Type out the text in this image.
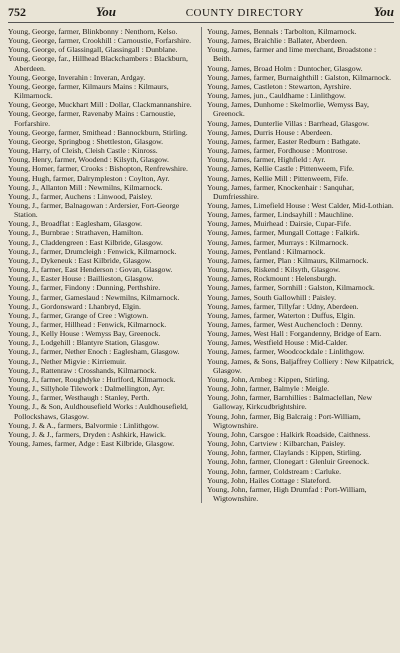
752	You	COUNTY DIRECTORY	You
Young, George, farmer, Blinkbonny : Nenthorn, Kelso.
Young, George, farmer, Crookhill : Carnoustie, Forfarshire.
Young, George, of Glassingall, Glassingall : Dunblane.
Young, George, far., Hillhead Blackchambers : Blackburn, Aberdeen.
Young, George, Inverahin : Inveran, Ardgay.
Young, George, farmer, Kilmaurs Mains : Kilmaurs, Kilmarnock.
Young, George, Muckhart Mill : Dollar, Clackmannanshire.
Young, George, farmer, Ravenaby Mains : Carnoustie, Forfarshire.
Young, George, farmer, Smithead : Bannockburn, Stirling.
Young, George, Springbog : Shettleston, Glasgow.
Young, Harry, of Cleish, Cleish Castle : Kinross.
Young, Henry, farmer, Woodend : Kilsyth, Glasgow.
Young, Homer, farmer, Crooks : Bishopton, Renfrewshire.
Young, Hugh, farmer, Dalrympleston : Coylton, Ayr.
Young, J., Allanton Mill : Newmilns, Kilmarnock.
Young, J., farmer, Auchens : Linwood, Paisley.
Young, J., farmer, Balnagowan : Ardersier, Fort-George Station.
Young, J., Broadflat : Eaglesham, Glasgow.
Young, J., Burnbrae : Strathaven, Hamilton.
Young, J., Claddengreen : East Kilbride, Glasgow.
Young, J., farmer, Drumcleigh : Fenwick, Kilmarnock.
Young, J., Dykeneuk : East Kilbride, Glasgow.
Young, J., farmer, East Henderson : Govan, Glasgow.
Young, J., Easter House : Baillieston, Glasgow.
Young, J., farmer, Findony : Dunning, Perthshire.
Young, J., farmer, Gameslaud : Newmilns, Kilmarnock.
Young, J., Gordonsward : Lhanbryd, Elgin.
Young, J., farmer, Grange of Cree : Wigtown.
Young, J., farmer, Hillhead : Fenwick, Kilmarnock.
Young, J., Kelly House : Wemyss Bay, Greenock.
Young, J., Lodgehill : Blantyre Station, Glasgow.
Young, J., farmer, Nether Enoch : Eaglesham, Glasgow.
Young, J., Nether Migvie : Kirriemuir.
Young, J., Rattenraw : Crosshands, Kilmarnock.
Young, J., farmer, Roughdyke : Hurlford, Kilmarnock.
Young, J., Sillyhole Tilework : Dalmellington, Ayr.
Young, J., farmer, Westhaugh : Stanley, Perth.
Young, J., & Son, Auldhousefield Works : Auldhousefield, Pollockshaws, Glasgow.
Young, J. & A., farmers, Balvormie : Linlithgow.
Young, J. & J., farmers, Dryden : Ashkirk, Hawick.
Young, James, farmer, Adge : East Kilbride, Glasgow.
Young, James, Bennals : Tarbolton, Kilmarnock.
Young, James, Braichlie : Ballater, Aberdeen.
Young, James, farmer and lime merchant, Broadstone : Beith.
Young, James, Broad Holm : Duntocher, Glasgow.
Young, James, farmer, Burnaighthill : Galston, Kilmarnock.
Young, James, Castleton : Stewarton, Ayrshire.
Young, James, jun., Cauldhame : Linlithgow.
Young, James, Dunhome : Skelmorlie, Wemyss Bay, Greenock.
Young, James, Dunterlie Villas : Barrhead, Glasgow.
Young, James, Durris House : Aberdeen.
Young, James, farmer, Easter Redburn : Bathgate.
Young, James, farmer, Fordhouse : Montrose.
Young, James, farmer, Highfield : Ayr.
Young, James, Kellie Castle : Pittenweem, Fife.
Young, James, Kellie Mill : Pittenweem, Fife.
Young, James, farmer, Knockenhair : Sanquhar, Dumfriesshire.
Young, James, Limefield House : West Calder, Mid-Lothian.
Young, James, farmer, Lindsayhill : Mauchline.
Young, James, Muirhead : Dairsie, Cupar-Fife.
Young, James, farmer, Mungall Cottage : Falkirk.
Young, James, farmer, Murrays : Kilmarnock.
Young, James, Pentland : Kilmarnock.
Young, James, farmer, Plan : Kilmaurs, Kilmarnock.
Young, James, Riskend : Kilsyth, Glasgow.
Young, James, Rockmount : Helensburgh.
Young, James, farmer, Sornhill : Galston, Kilmarnock.
Young, James, South Gallowhill : Paisley.
Young, James, farmer, Tillyfar : Udny, Aberdeen.
Young, James, farmer, Waterton : Duffus, Elgin.
Young, James, farmer, West Auchencloch : Denny.
Young, James, West Hall : Forgandenny, Bridge of Earn.
Young, James, Westfield House : Mid-Calder.
Young, James, farmer, Woodcockdale : Linlithgow.
Young, James, & Sons, Baljaffrey Colliery : New Kilpatrick, Glasgow.
Young, John, Arnbeg : Kippen, Stirling.
Young, John, farmer, Balmyle : Meigle.
Young, John, farmer, Barnhillies : Balmaclellan, New Galloway, Kirkcudbrightshire.
Young, John, farmer, Big Balcraig : Port-William, Wigtownshire.
Young, John, Carsgoe : Halkirk Roadside, Caithness.
Young, John, Cartview : Kilbarchan, Paisley.
Young, John, farmer, Claylands : Kippen, Stirling.
Young, John, farmer, Clonegart : Glenluir Greenock.
Young, John, farmer, Coldstream : Carluke.
Young, John, Hailes Cottage : Slateford.
Young, John, farmer, High Drumfad : Port-William, Wigtownshire.
